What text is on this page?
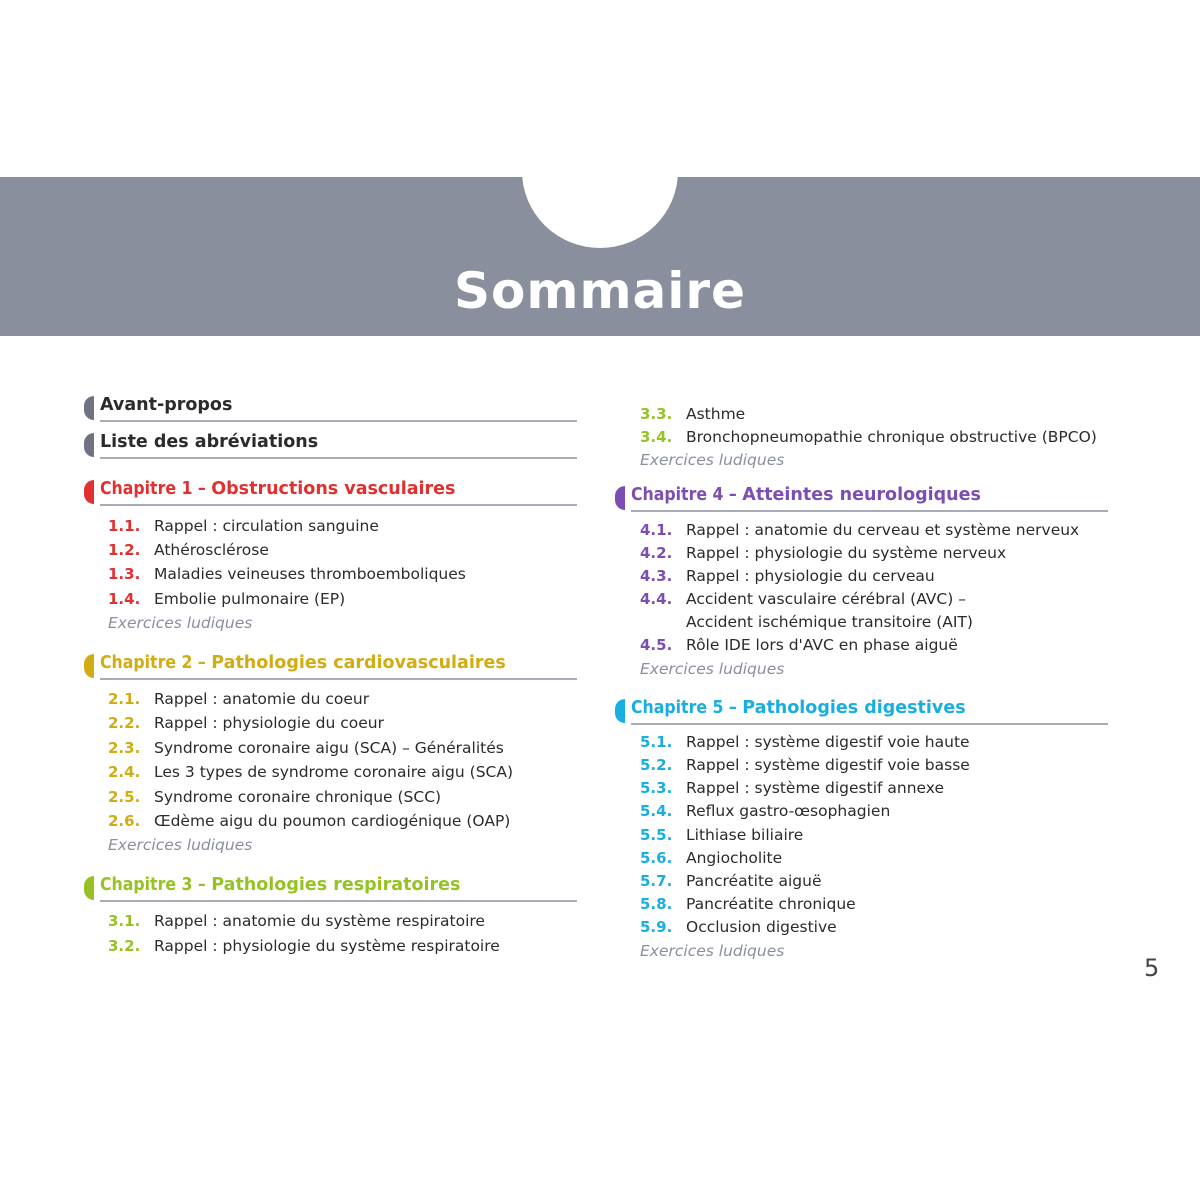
Sommaire
Avant-propos
Liste des abréviations
Chapitre 1 – Obstructions vasculaires
1.1. Rappel : circulation sanguine
1.2. Athérosclérose
1.3. Maladies veineuses thromboemboliques
1.4. Embolie pulmonaire (EP)
Exercices ludiques
Chapitre 2 – Pathologies cardiovasculaires
2.1. Rappel : anatomie du coeur
2.2. Rappel : physiologie du coeur
2.3. Syndrome coronaire aigu (SCA) – Généralités
2.4. Les 3 types de syndrome coronaire aigu (SCA)
2.5. Syndrome coronaire chronique (SCC)
2.6. Œdème aigu du poumon cardiogénique (OAP)
Exercices ludiques
Chapitre 3 – Pathologies respiratoires
3.1. Rappel : anatomie du système respiratoire
3.2. Rappel : physiologie du système respiratoire
3.3. Asthme
3.4. Bronchopneumopathie chronique obstructive (BPCO)
Exercices ludiques
Chapitre 4 – Atteintes neurologiques
4.1. Rappel : anatomie du cerveau et système nerveux
4.2. Rappel : physiologie du système nerveux
4.3. Rappel : physiologie du cerveau
4.4. Accident vasculaire cérébral (AVC) –
Accident ischémique transitoire (AIT)
4.5. Rôle IDE lors d'AVC en phase aiguë
Exercices ludiques
Chapitre 5 – Pathologies digestives
5.1. Rappel : système digestif voie haute
5.2. Rappel : système digestif voie basse
5.3. Rappel : système digestif annexe
5.4. Reflux gastro-œsophagien
5.5. Lithiase biliaire
5.6. Angiocholite
5.7. Pancréatite aiguë
5.8. Pancréatite chronique
5.9. Occlusion digestive
Exercices ludiques
5
